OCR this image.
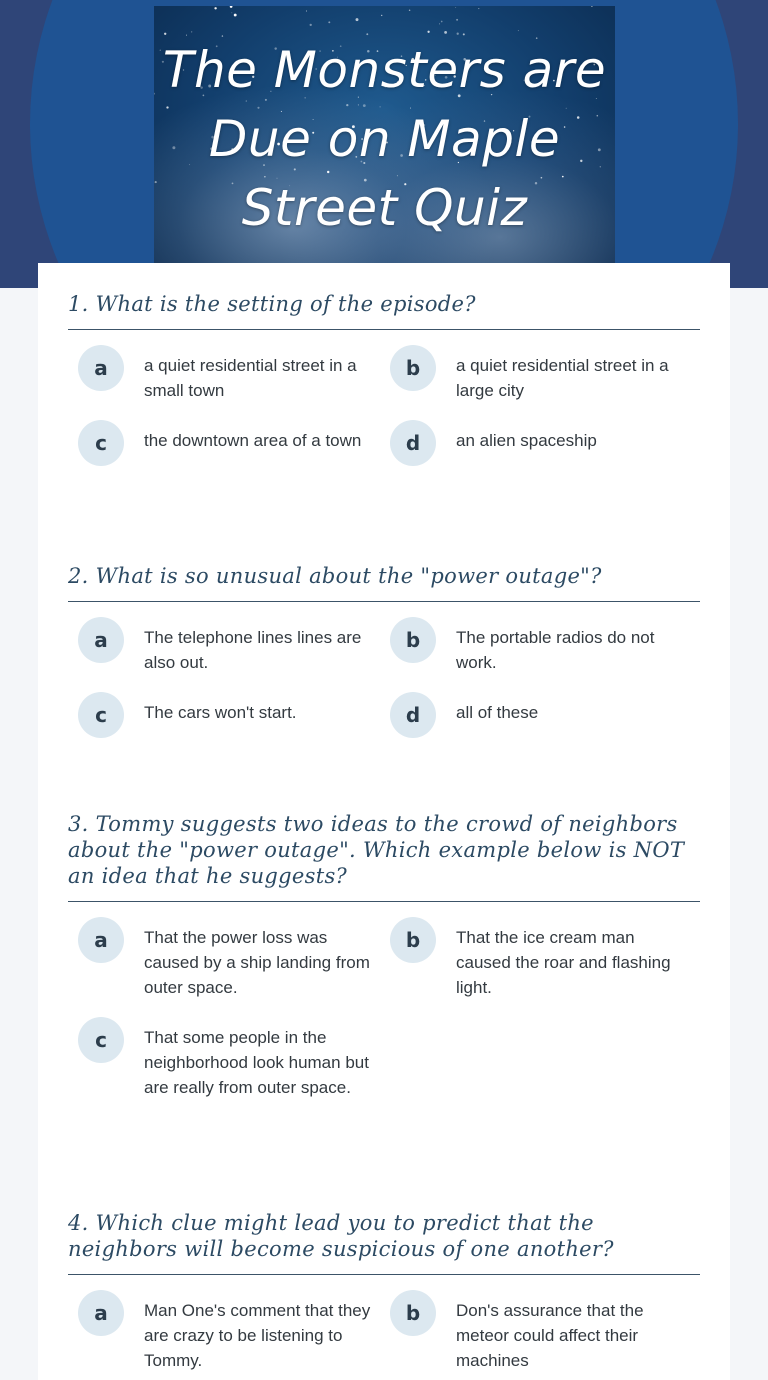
The Monsters are
Due on Maple
Street Quiz

1. What is the setting of the episode?

a	a quiet residential street in a small town
b	a quiet residential street in a large city
c	the downtown area of a town	d	an alien spaceship

2. What is so unusual about the "power outage"?

a	The telephone lines lines are also out.
b	The portable radios do not work.
c	The cars won't start.	d	all of these

3. Tommy suggests two ideas to the crowd of neighbors about the "power outage". Which example below is NOT an idea that he suggests?

a	That the power loss was caused by a ship landing from outer space.
b	That the ice cream man caused the roar and flashing light.
c	That some people in the neighborhood look human but are really from outer space.

4. Which clue might lead you to predict that the neighbors will become suspicious of one another?

a	Man One's comment that they are crazy to be listening to Tommy.
b	Don's assurance that the meteor could affect their machines
